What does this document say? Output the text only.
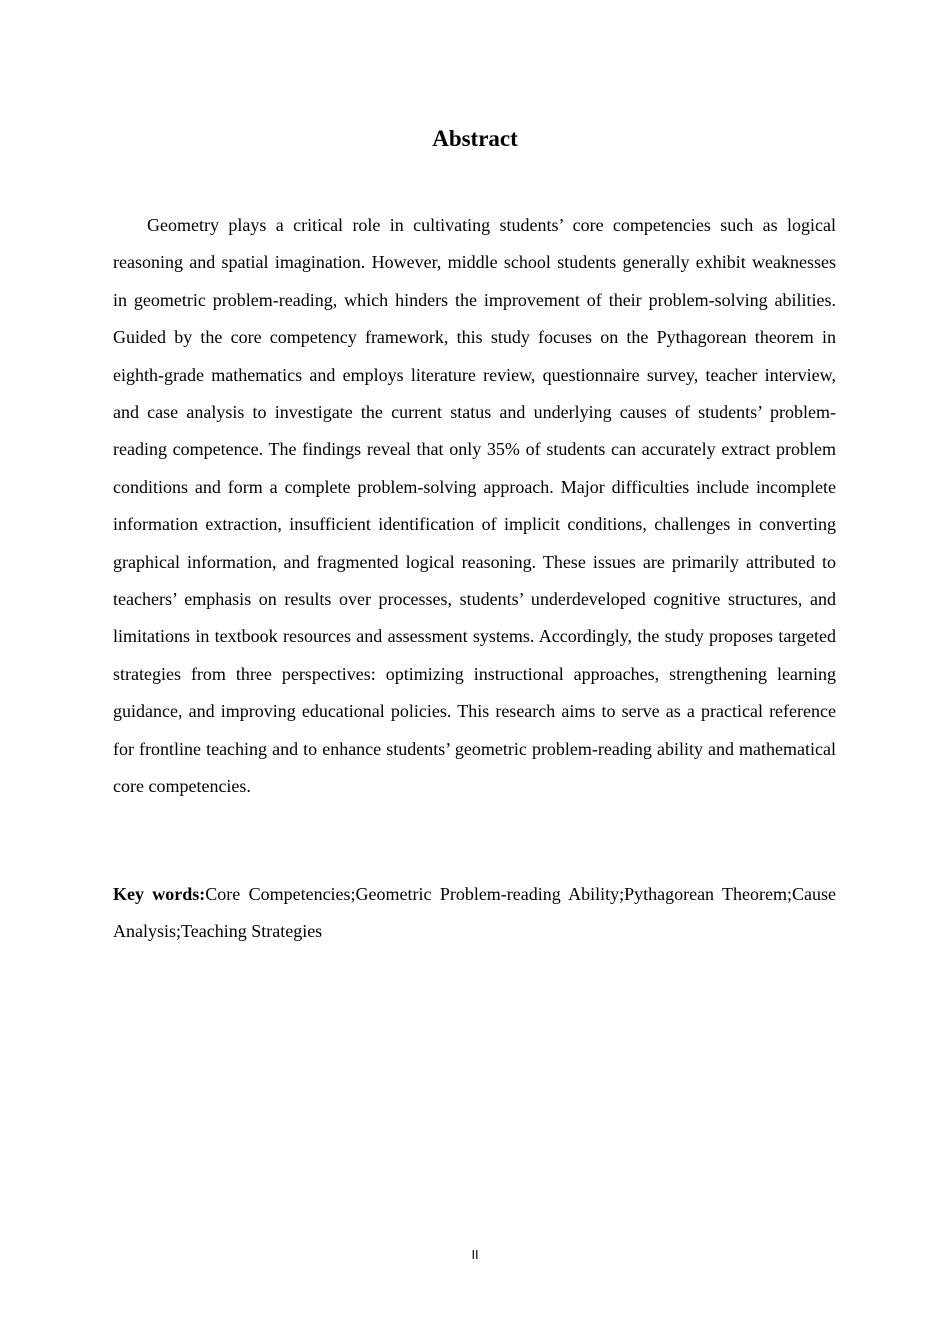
Abstract

Geometry plays a critical role in cultivating students’ core competencies such as logical reasoning and spatial imagination. However, middle school students generally exhibit weaknesses in geometric problem-reading, which hinders the improvement of their problem-solving abilities. Guided by the core competency framework, this study focuses on the Pythagorean theorem in eighth-grade mathematics and employs literature review, questionnaire survey, teacher interview, and case analysis to investigate the current status and underlying causes of students’ problem-reading competence. The findings reveal that only 35% of students can accurately extract problem conditions and form a complete problem-solving approach. Major difficulties include incomplete information extraction, insufficient identification of implicit conditions, challenges in converting graphical information, and fragmented logical reasoning. These issues are primarily attributed to teachers’ emphasis on results over processes, students’ underdeveloped cognitive structures, and limitations in textbook resources and assessment systems. Accordingly, the study proposes targeted strategies from three perspectives: optimizing instructional approaches, strengthening learning guidance, and improving educational policies. This research aims to serve as a practical reference for frontline teaching and to enhance students’ geometric problem-reading ability and mathematical core competencies.

Key words:Core Competencies;Geometric Problem-reading Ability;Pythagorean Theorem;Cause Analysis;Teaching Strategies

II
